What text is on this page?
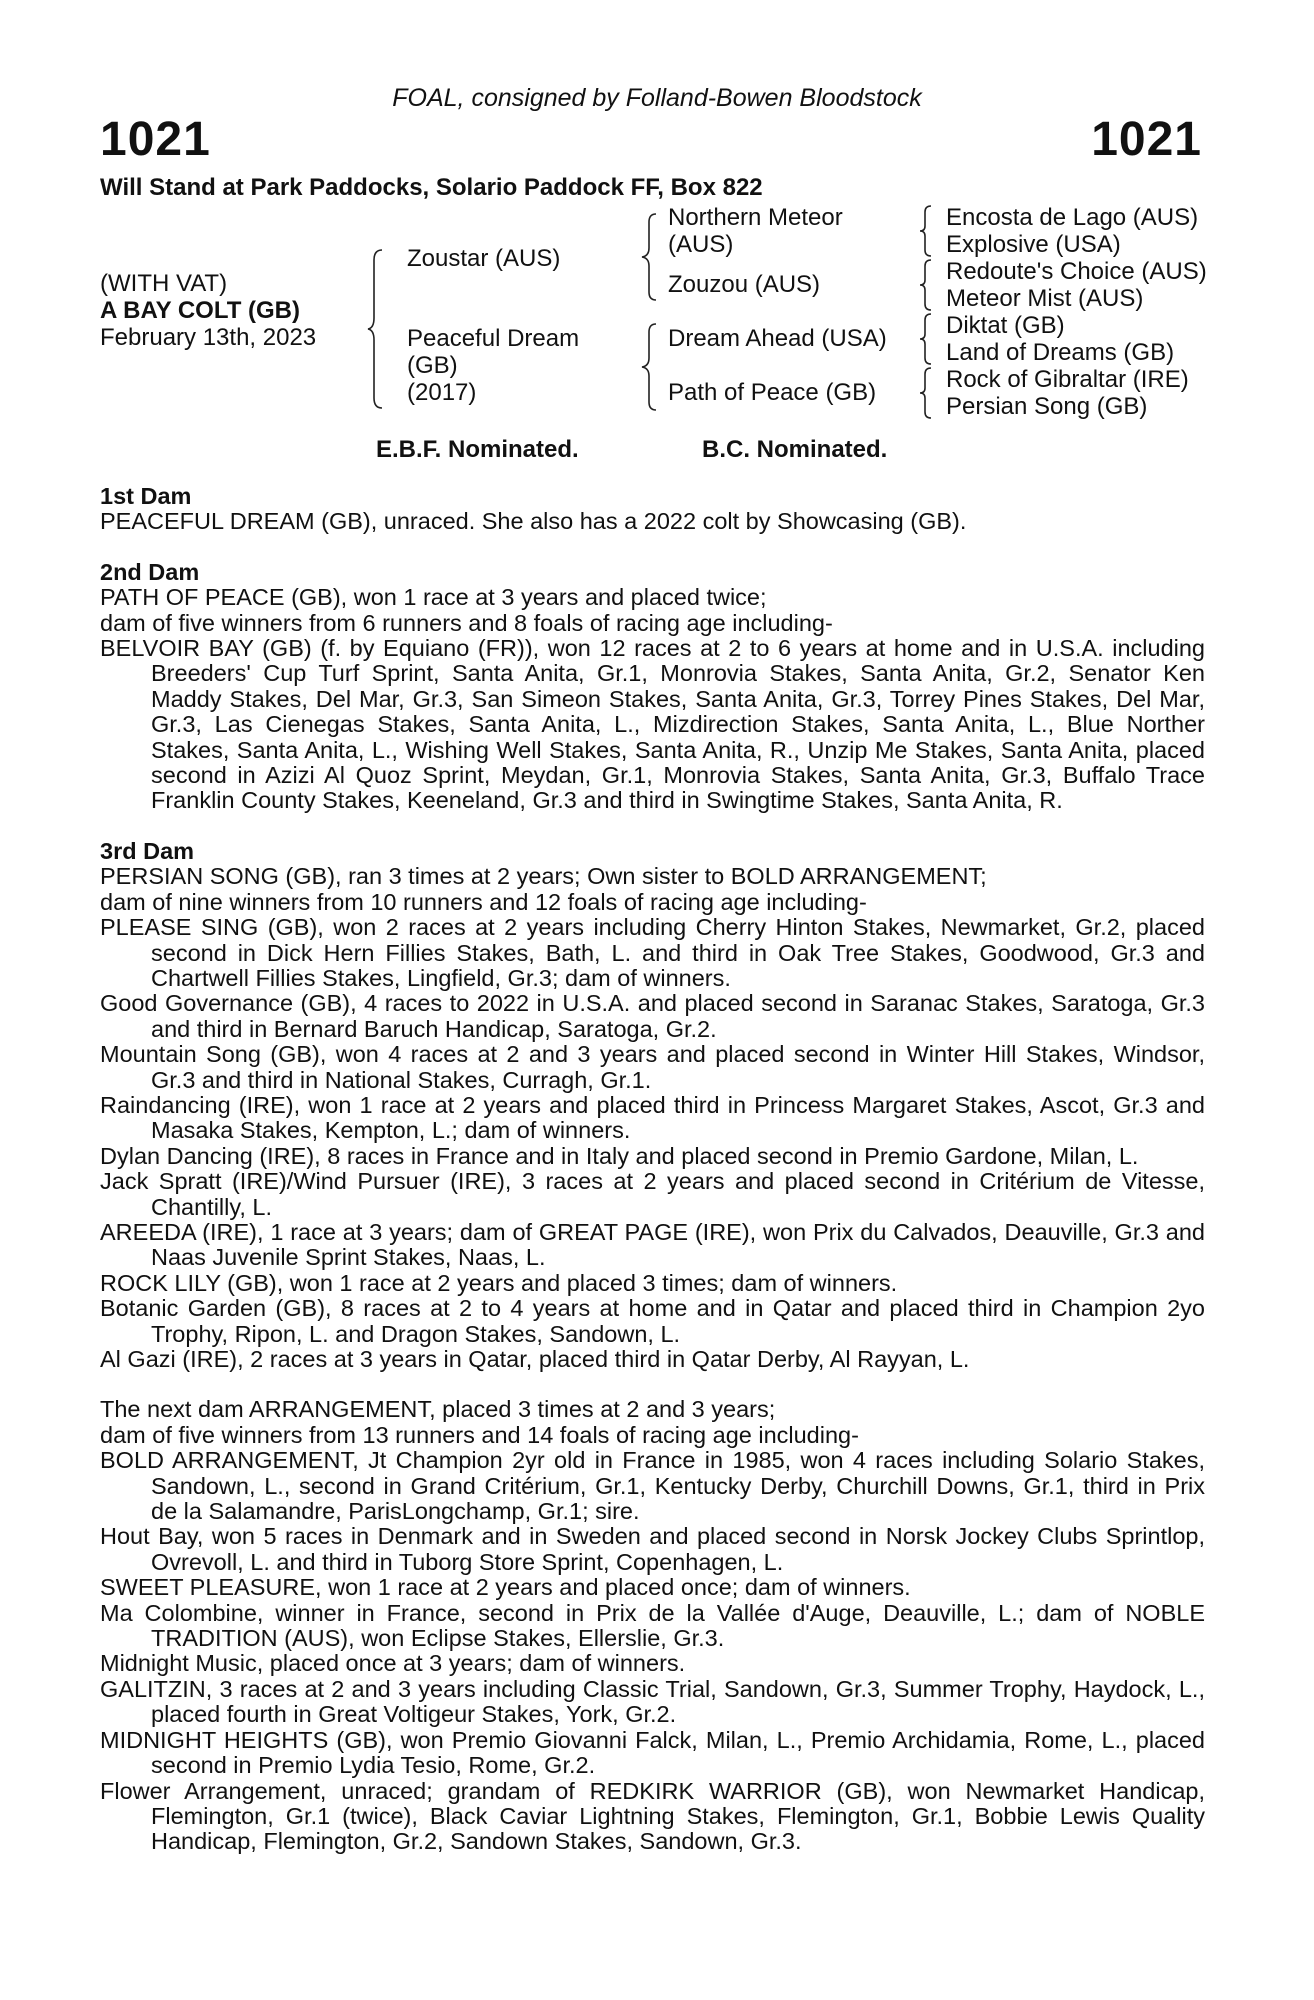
FOAL, consigned by Folland-Bowen Bloodstock
1021	1021
Will Stand at Park Paddocks, Solario Paddock FF, Box 822
(WITH VAT)
A BAY COLT (GB)
February 13th, 2023
Zoustar (AUS)
Peaceful Dream
(GB)
(2017)
Northern Meteor
(AUS)
Zouzou (AUS)
Dream Ahead (USA)
Path of Peace (GB)
Encosta de Lago (AUS)
Explosive (USA)
Redoute's Choice (AUS)
Meteor Mist (AUS)
Diktat (GB)
Land of Dreams (GB)
Rock of Gibraltar (IRE)
Persian Song (GB)
E.B.F. Nominated.	B.C. Nominated.

1st Dam

PEACEFUL DREAM (GB), unraced. She also has a 2022 colt by Showcasing (GB).

2nd Dam

PATH OF PEACE (GB), won 1 race at 3 years and placed twice;

dam of five winners from 6 runners and 8 foals of racing age including-

BELVOIR BAY (GB) (f. by Equiano (FR)), won 12 races at 2 to 6 years at home and in U.S.A. including Breeders' Cup Turf Sprint, Santa Anita, Gr.1, Monrovia Stakes, Santa Anita, Gr.2, Senator Ken Maddy Stakes, Del Mar, Gr.3, San Simeon Stakes, Santa Anita, Gr.3, Torrey Pines Stakes, Del Mar, Gr.3, Las Cienegas Stakes, Santa Anita, L., Mizdirection Stakes, Santa Anita, L., Blue Norther Stakes, Santa Anita, L., Wishing Well Stakes, Santa Anita, R., Unzip Me Stakes, Santa Anita, placed second in Azizi Al Quoz Sprint, Meydan, Gr.1, Monrovia Stakes, Santa Anita, Gr.3, Buffalo Trace Franklin County Stakes, Keeneland, Gr.3 and third in Swingtime Stakes, Santa Anita, R.

3rd Dam

PERSIAN SONG (GB), ran 3 times at 2 years; Own sister to BOLD ARRANGEMENT;

dam of nine winners from 10 runners and 12 foals of racing age including-

PLEASE SING (GB), won 2 races at 2 years including Cherry Hinton Stakes, Newmarket, Gr.2, placed second in Dick Hern Fillies Stakes, Bath, L. and third in Oak Tree Stakes, Goodwood, Gr.3 and Chartwell Fillies Stakes, Lingfield, Gr.3; dam of winners.

Good Governance (GB), 4 races to 2022 in U.S.A. and placed second in Saranac Stakes, Saratoga, Gr.3 and third in Bernard Baruch Handicap, Saratoga, Gr.2.

Mountain Song (GB), won 4 races at 2 and 3 years and placed second in Winter Hill Stakes, Windsor, Gr.3 and third in National Stakes, Curragh, Gr.1.

Raindancing (IRE), won 1 race at 2 years and placed third in Princess Margaret Stakes, Ascot, Gr.3 and Masaka Stakes, Kempton, L.; dam of winners.

Dylan Dancing (IRE), 8 races in France and in Italy and placed second in Premio Gardone, Milan, L.

Jack Spratt (IRE)/Wind Pursuer (IRE), 3 races at 2 years and placed second in Critérium de Vitesse, Chantilly, L.

AREEDA (IRE), 1 race at 3 years; dam of GREAT PAGE (IRE), won Prix du Calvados, Deauville, Gr.3 and Naas Juvenile Sprint Stakes, Naas, L.

ROCK LILY (GB), won 1 race at 2 years and placed 3 times; dam of winners.

Botanic Garden (GB), 8 races at 2 to 4 years at home and in Qatar and placed third in Champion 2yo Trophy, Ripon, L. and Dragon Stakes, Sandown, L.

Al Gazi (IRE), 2 races at 3 years in Qatar, placed third in Qatar Derby, Al Rayyan, L.

The next dam ARRANGEMENT, placed 3 times at 2 and 3 years;

dam of five winners from 13 runners and 14 foals of racing age including-

BOLD ARRANGEMENT, Jt Champion 2yr old in France in 1985, won 4 races including Solario Stakes, Sandown, L., second in Grand Critérium, Gr.1, Kentucky Derby, Churchill Downs, Gr.1, third in Prix de la Salamandre, ParisLongchamp, Gr.1; sire.

Hout Bay, won 5 races in Denmark and in Sweden and placed second in Norsk Jockey Clubs Sprintlop, Ovrevoll, L. and third in Tuborg Store Sprint, Copenhagen, L.

SWEET PLEASURE, won 1 race at 2 years and placed once; dam of winners.

Ma Colombine, winner in France, second in Prix de la Vallée d'Auge, Deauville, L.; dam of NOBLE TRADITION (AUS), won Eclipse Stakes, Ellerslie, Gr.3.

Midnight Music, placed once at 3 years; dam of winners.

GALITZIN, 3 races at 2 and 3 years including Classic Trial, Sandown, Gr.3, Summer Trophy, Haydock, L., placed fourth in Great Voltigeur Stakes, York, Gr.2.

MIDNIGHT HEIGHTS (GB), won Premio Giovanni Falck, Milan, L., Premio Archidamia, Rome, L., placed second in Premio Lydia Tesio, Rome, Gr.2.

Flower Arrangement, unraced; grandam of REDKIRK WARRIOR (GB), won Newmarket Handicap, Flemington, Gr.1 (twice), Black Caviar Lightning Stakes, Flemington, Gr.1, Bobbie Lewis Quality Handicap, Flemington, Gr.2, Sandown Stakes, Sandown, Gr.3.
